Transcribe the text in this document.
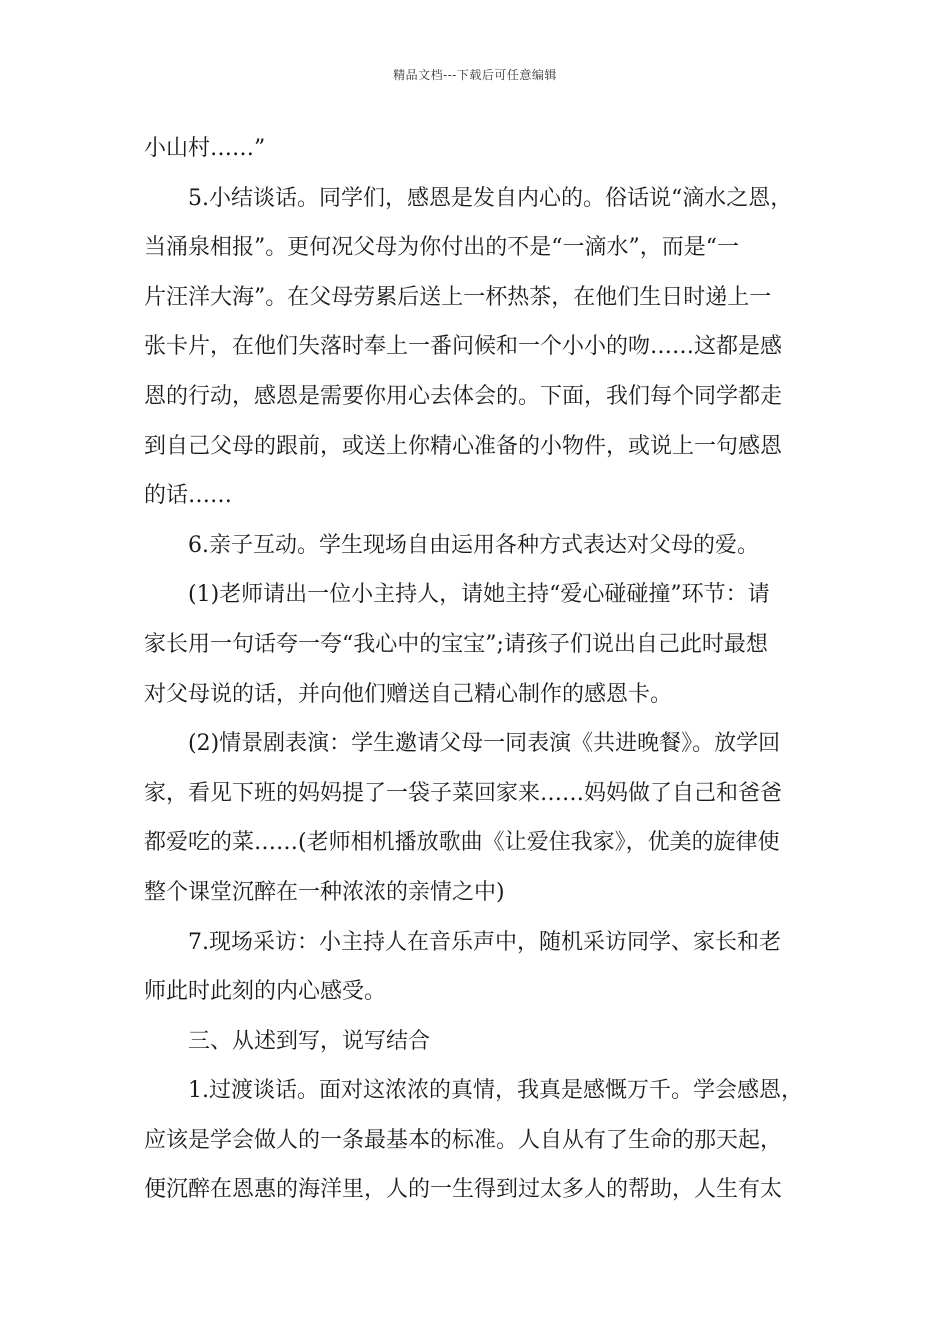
精品文档---下载后可任意编辑
小山村……”
5.小结谈话。同学们，感恩是发自内心的。俗话说“滴水之恩，
当涌泉相报”。更何况父母为你付出的不是“一滴水”，而是“一
片汪洋大海”。在父母劳累后送上一杯热茶，在他们生日时递上一
张卡片，在他们失落时奉上一番问候和一个小小的吻……这都是感
恩的行动，感恩是需要你用心去体会的。下面，我们每个同学都走
到自己父母的跟前，或送上你精心准备的小物件，或说上一句感恩
的话……
6.亲子互动。学生现场自由运用各种方式表达对父母的爱。
(1)老师请出一位小主持人，请她主持“爱心碰碰撞”环节：请
家长用一句话夸一夸“我心中的宝宝”;请孩子们说出自己此时最想
对父母说的话，并向他们赠送自己精心制作的感恩卡。
(2)情景剧表演：学生邀请父母一同表演《共进晚餐》。放学回
家，看见下班的妈妈提了一袋子菜回家来……妈妈做了自己和爸爸
都爱吃的菜……(老师相机播放歌曲《让爱住我家》，优美的旋律使
整个课堂沉醉在一种浓浓的亲情之中)
7.现场采访：小主持人在音乐声中，随机采访同学、家长和老
师此时此刻的内心感受。
三、从述到写，说写结合
1.过渡谈话。面对这浓浓的真情，我真是感慨万千。学会感恩，
应该是学会做人的一条最基本的标准。人自从有了生命的那天起，
便沉醉在恩惠的海洋里，人的一生得到过太多人的帮助，人生有太
